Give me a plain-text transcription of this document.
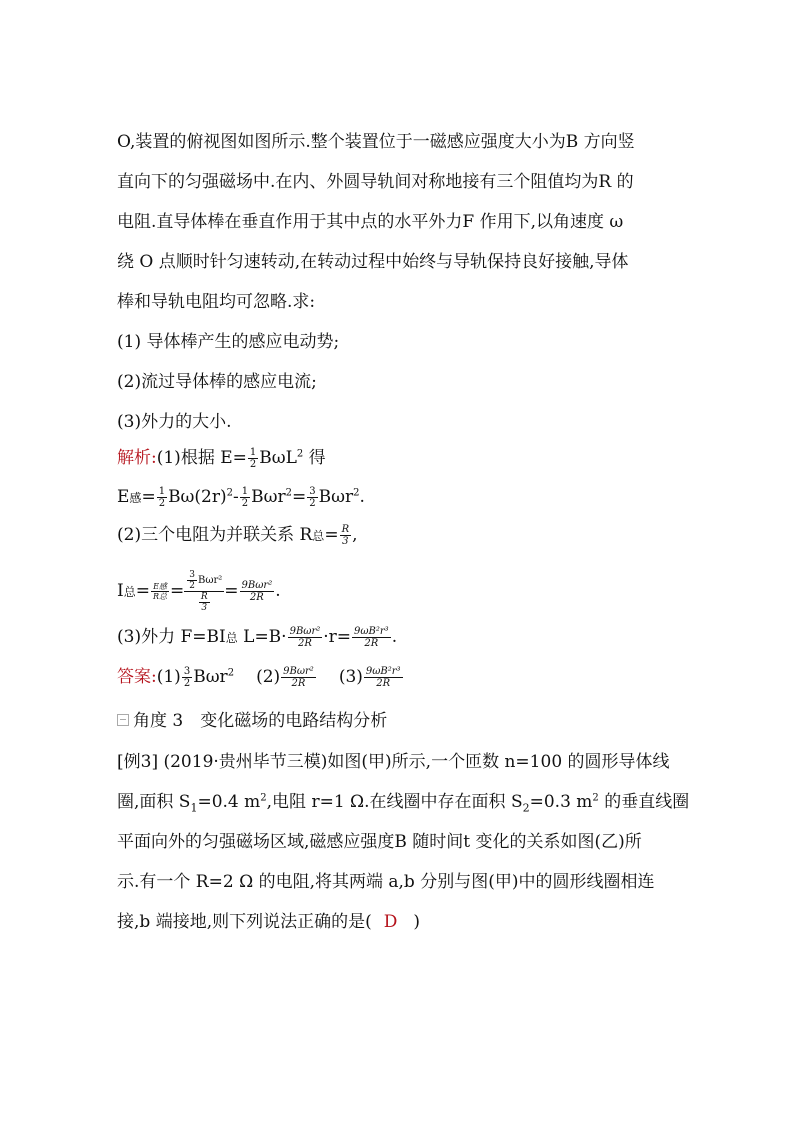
O,装置的俯视图如图所示.整个装置位于一磁感应强度大小为B 方向竖
直向下的匀强磁场中.在内、外圆导轨间对称地接有三个阻值均为R 的
电阻.直导体棒在垂直作用于其中点的水平外力F 作用下,以角速度 ω
绕 O 点顺时针匀速转动,在转动过程中始终与导轨保持良好接触,导体
棒和导轨电阻均可忽略.求:
(1) 导体棒产生的感应电动势;
(2)流过导体棒的感应电流;
(3)外力的大小.
解析:(1)根据 $E= \frac{1}{2} B\omega L^2$ 得
E感= $\frac{1}{2} B\omega(2r)^2- \frac{1}{2} B\omega r^2= \frac{3}{2} B\omega r^2$.
(2)三个电阻为并联关系 R总= $\frac{R}{3}$ ,
I总= $\frac{\text{E感}}{\text{R总}} = \frac{3}{2} B\omega r^2$
$\frac{R}{3}$
= $\frac{\text{9Bωr²}}{2R}$ .
(3)外力 F=BI总 $L=B\cdot \frac{\text{9Bωr²}}{2R} \cdot r= \frac{\text{9ωB²r³}}{2R}$ .
答案:(1) $\frac{3}{2} B\omega r^2$ $(2) \frac{\text{9Bωr²}}{2R} (3) \frac{\text{9ωB²r³}}{2R}$
角度 3　变化磁场的电路结构分析
[例3] (2019·贵州毕节三模)如图(甲)所示,一个匝数 n=100 的圆形导体线
圈,面积 $S_1=0.4$ $m^2$,电阻 r=1 Ω.在线圈中存在面积 $S_2=0.3$ $m^2$ 的垂直线圈
平面向外的匀强磁场区域,磁感应强度B 随时间t 变化的关系如图(乙)所
示.有一个 R=2 Ω 的电阻,将其两端 a,b 分别与图(甲)中的圆形线圈相连
接,b 端接地,则下列说法正确的是( D )
